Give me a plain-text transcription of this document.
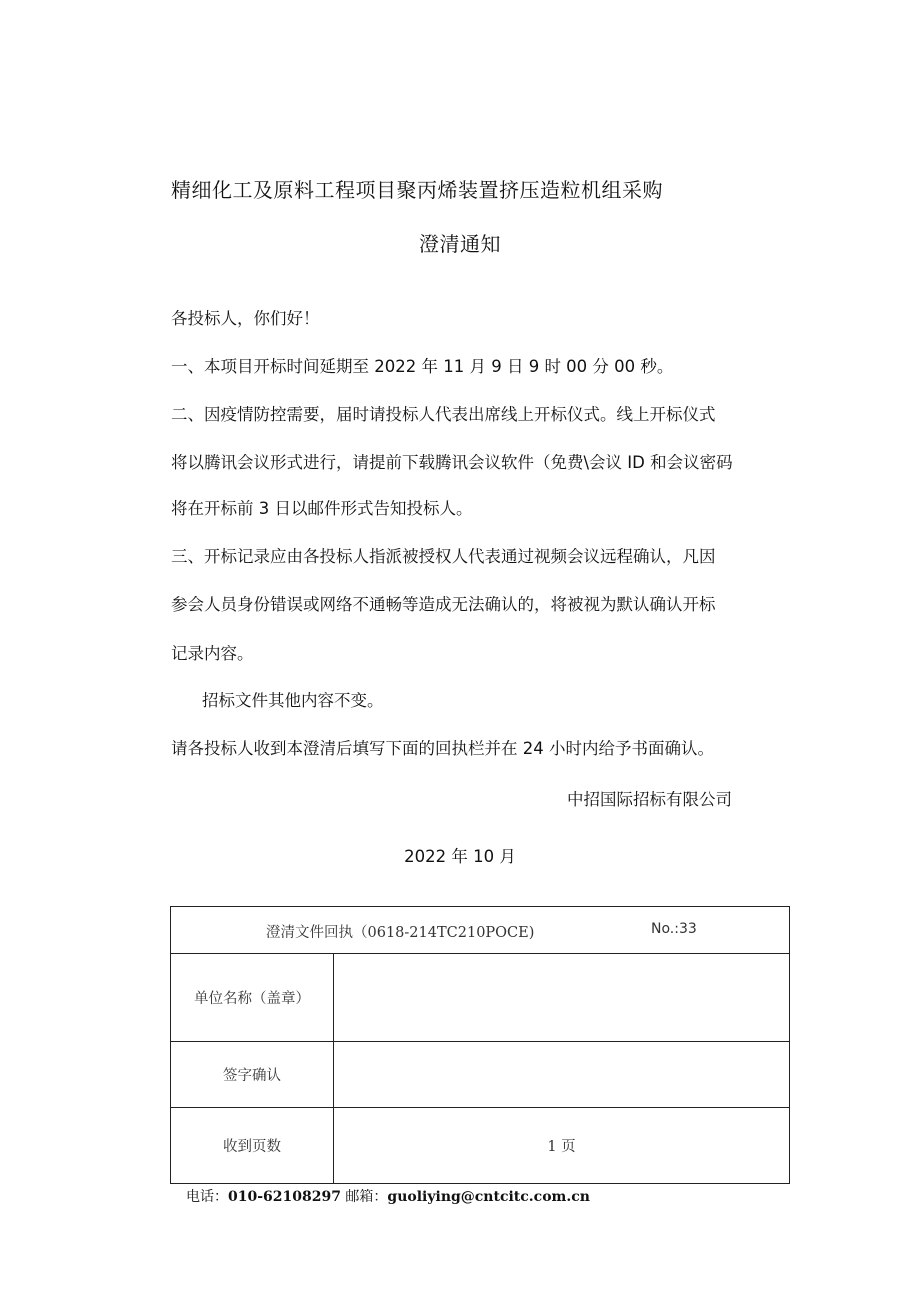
精细化工及原料工程项目聚丙烯装置挤压造粒机组采购
澄清通知
各投标人，你们好！
一、本项目开标时间延期至 2022 年 11 月 9 日 9 时 00 分 00 秒。
二、因疫情防控需要，届时请投标人代表出席线上开标仪式。线上开标仪式
将以腾讯会议形式进行，请提前下载腾讯会议软件（免费\会议 ID 和会议密码
将在开标前 3 日以邮件形式告知投标人。
三、开标记录应由各投标人指派被授权人代表通过视频会议远程确认，凡因
参会人员身份错误或网络不通畅等造成无法确认的，将被视为默认确认开标
记录内容。
招标文件其他内容不变。
请各投标人收到本澄清后填写下面的回执栏并在 24 小时内给予书面确认。
中招国际招标有限公司
2022 年 10 月
澄清文件回执（0618-214TC210POCE) No.:33	

单位名称（盖章）	
签字确认	
收到页数	1 页
电话：010-62108297 邮箱：guoliying@cntcitc.com.cn
